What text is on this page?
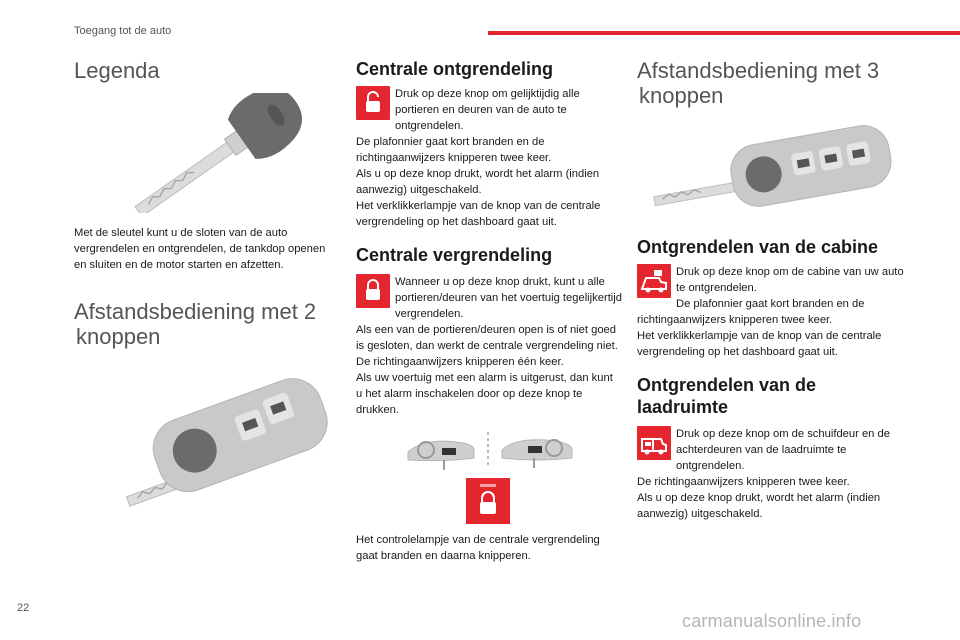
Toegang tot de auto
Legenda

Met de sleutel kunt u de sloten van de auto vergrendelen en ontgrendelen, de tankdop openen en sluiten en de motor starten en afzetten.

Afstandsbediening met 2
knoppen
Centrale ontgrendeling
Druk op deze knop om gelijktijdig alle portieren en deuren van de auto te ontgrendelen.
De plafonnier gaat kort branden en de richtingaanwijzers knipperen twee keer.
Als u op deze knop drukt, wordt het alarm (indien aanwezig) uitgeschakeld.
Het verklikkerlampje van de knop van de centrale vergrendeling op het dashboard gaat uit.
Centrale vergrendeling
Wanneer u op deze knop drukt, kunt u alle portieren/deuren van het voertuig tegelijkertijd vergrendelen.
Als een van de portieren/deuren open is of niet goed is gesloten, dan werkt de centrale vergrendeling niet.
De richtingaanwijzers knipperen één keer.
Als uw voertuig met een alarm is uitgerust, dan kunt u het alarm inschakelen door op deze knop te drukken.

Het controlelampje van de centrale vergrendeling gaat branden en daarna knipperen.

Afstandsbediening met 3
knoppen
Ontgrendelen van de cabine
Druk op deze knop om de cabine van uw auto te ontgrendelen.
De plafonnier gaat kort branden en de richtingaanwijzers knipperen twee keer.
Het verklikkerlampje van de knop van de centrale vergrendeling op het dashboard gaat uit.
Ontgrendelen van de
laadruimte
Druk op deze knop om de schuifdeur en de achterdeuren van de laadruimte te ontgrendelen.
De richtingaanwijzers knipperen twee keer.
Als u op deze knop drukt, wordt het alarm (indien aanwezig) uitgeschakeld.
22
carmanualsonline.info
